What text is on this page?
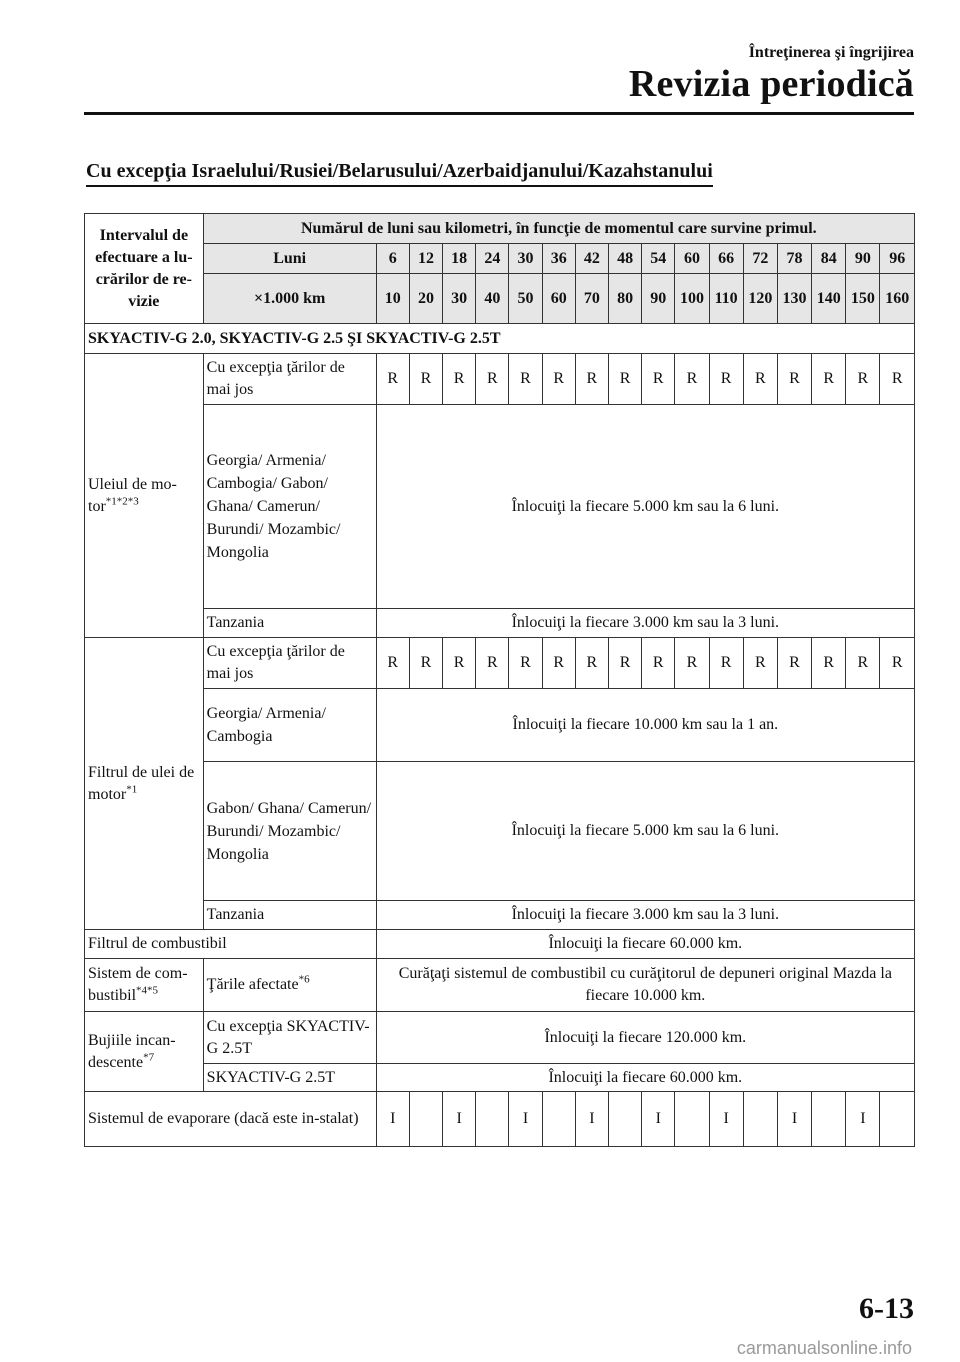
Întreţinerea şi îngrijirea
Revizia periodică
Cu excepţia Israelului/Rusiei/Belarusului/Azerbaidjanului/Kazahstanului
Intervalul de efectuare a lu-crărilor de re-vizie	Numărul de luni sau kilometri, în funcţie de momentul care survine primul.																
	Luni	6	12	18	24	30	36	42	48	54	60	66	72	78	84	90	96
	×1.000 km	10	20	30	40	50	60	70	80	90	100	110	120	130	140	150	160
SKYACTIV-G 2.0, SKYACTIV-G 2.5 ŞI SKYACTIV-G 2.5T																	
Uleiul de mo-tor$^{*1*2*3}$	Cu excepţia ţărilor de mai jos	R	R	R	R	R	R	R	R	R	R	R	R	R	R	R	R
	Georgia/ Armenia/ Cambogia/ Gabon/ Ghana/ Camerun/ Burundi/ Mozambic/ Mongolia	Înlocuiţi la fiecare 5.000 km sau la 6 luni.															
	Tanzania	Înlocuiţi la fiecare 3.000 km sau la 3 luni.															
Filtrul de ulei de motor$^{*1}$	Cu excepţia ţărilor de mai jos	R	R	R	R	R	R	R	R	R	R	R	R	R	R	R	R
	Georgia/ Armenia/ Cambogia	Înlocuiţi la fiecare 10.000 km sau la 1 an.															
	Gabon/ Ghana/ Camerun/ Burundi/ Mozambic/ Mongolia	Înlocuiţi la fiecare 5.000 km sau la 6 luni.															
	Tanzania	Înlocuiţi la fiecare 3.000 km sau la 3 luni.															
Filtrul de combustibil		Înlocuiţi la fiecare 60.000 km.															
Sistem de com-bustibil$^{*4*5}$	Ţările afectate$^{*6}$	Curăţaţi sistemul de combustibil cu curăţitorul de depuneri original Mazda la fiecare 10.000 km.															
Bujiile incan-descente$^{*7}$	Cu excepţia SKYACTIV-G 2.5T	Înlocuiţi la fiecare 120.000 km.															
	SKYACTIV-G 2.5T	Înlocuiţi la fiecare 60.000 km.															
Sistemul de evaporare (dacă este in-stalat)		I		I		I		I		I		I		I		I	
6-13
carmanualsonline.info
